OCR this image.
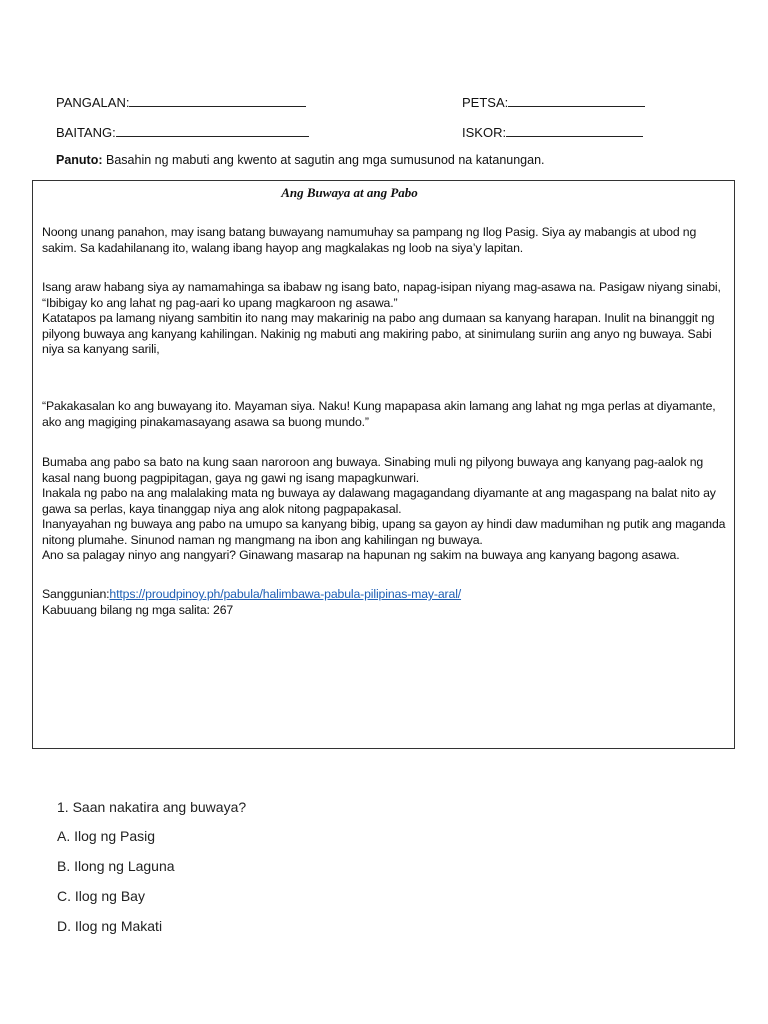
PANGALAN:	PETSA:
BAITANG:	ISKOR:
Panuto: Basahin ng mabuti ang kwento at sagutin ang mga sumusunod na katanungan.
Ang Buwaya at ang Pabo

Noong unang panahon, may isang batang buwayang namumuhay sa pampang ng Ilog Pasig. Siya ay mabangis at ubod ng sakim. Sa kadahilanang ito, walang ibang hayop ang magkalakas ng loob na siya’y lapitan.

Isang araw habang siya ay namamahinga sa ibabaw ng isang bato, napag-isipan niyang mag-asawa na. Pasigaw niyang sinabi,

“Ibibigay ko ang lahat ng pag-aari ko upang magkaroon ng asawa.”

Katatapos pa lamang niyang sambitin ito nang may makarinig na pabo ang dumaan sa kanyang harapan. Inulit na binanggit ng pilyong buwaya ang kanyang kahilingan. Nakinig ng mabuti ang makiring pabo, at sinimulang suriin ang anyo ng buwaya. Sabi niya sa kanyang sarili,

“Pakakasalan ko ang buwayang ito. Mayaman siya. Naku! Kung mapapasa akin lamang ang lahat ng mga perlas at diyamante, ako ang magiging pinakamasayang asawa sa buong mundo.”

Bumaba ang pabo sa bato na kung saan naroroon ang buwaya. Sinabing muli ng pilyong buwaya ang kanyang pag-aalok ng kasal nang buong pagpipitagan, gaya ng gawi ng isang mapagkunwari.

Inakala ng pabo na ang malalaking mata ng buwaya ay dalawang magagandang diyamante at ang magaspang na balat nito ay gawa sa perlas, kaya tinanggap niya ang alok nitong pagpapakasal.

Inanyayahan ng buwaya ang pabo na umupo sa kanyang bibig, upang sa gayon ay hindi daw madumihan ng putik ang maganda nitong plumahe. Sinunod naman ng mangmang na ibon ang kahilingan ng buwaya.

Ano sa palagay ninyo ang nangyari? Ginawang masarap na hapunan ng sakim na buwaya ang kanyang bagong asawa.

Sanggunian:https://proudpinoy.ph/pabula/halimbawa-pabula-pilipinas-may-aral/

Kabuuang bilang ng mga salita: 267

1. Saan nakatira ang buwaya?
A. Ilog ng Pasig
B. Ilong ng Laguna
C. Ilog ng Bay
D. Ilog ng Makati
